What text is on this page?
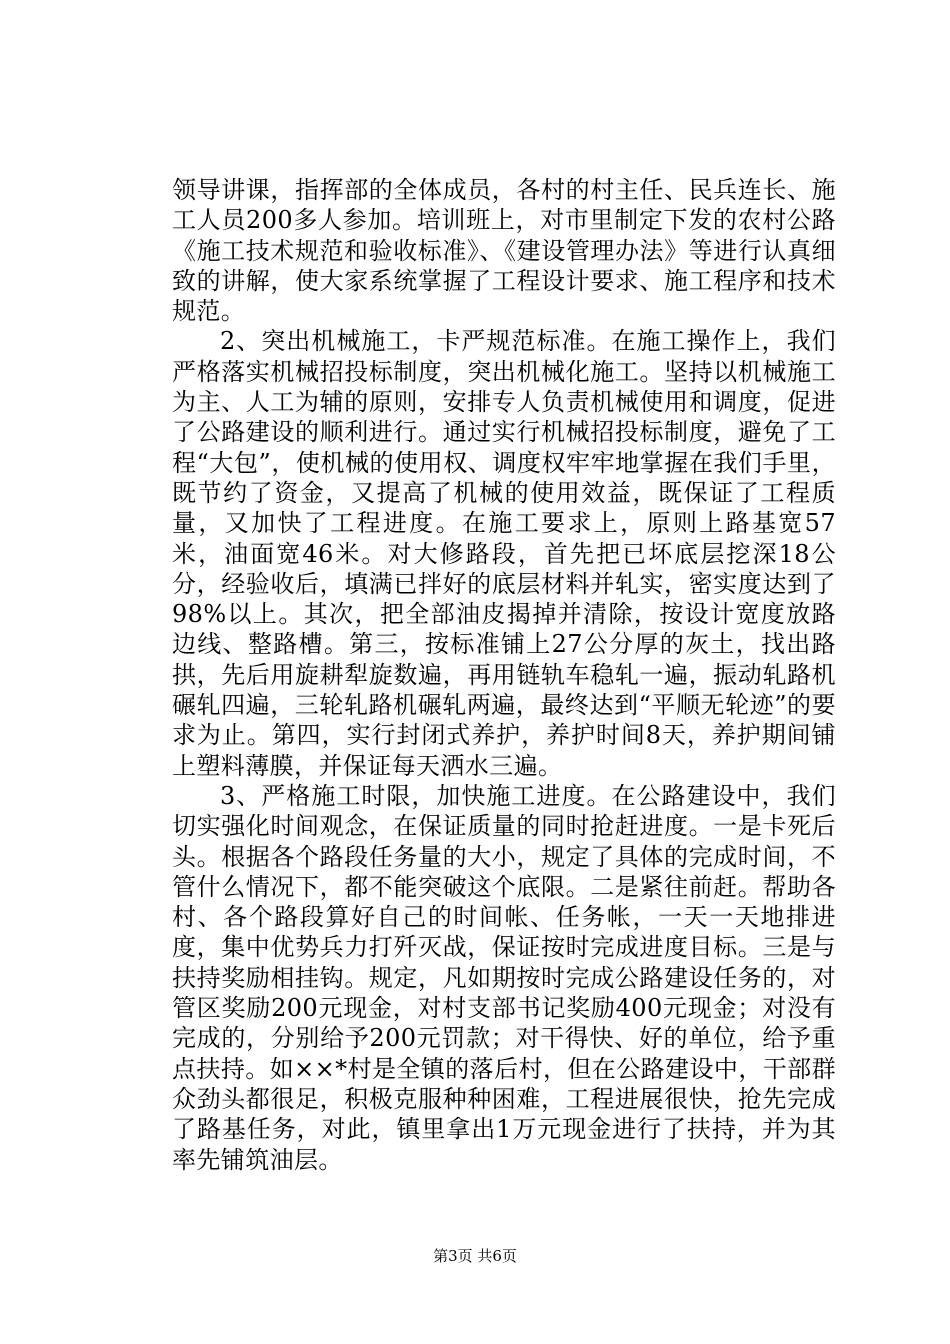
领导讲课，指挥部的全体成员，各村的村主任、民兵连长、施工人员200多人参加。培训班上，对市里制定下发的农村公路《施工技术规范和验收标准》、《建设管理办法》等进行认真细致的讲解，使大家系统掌握了工程设计要求、施工程序和技术规范。

2、突出机械施工，卡严规范标准。在施工操作上，我们严格落实机械招投标制度，突出机械化施工。坚持以机械施工为主、人工为辅的原则，安排专人负责机械使用和调度，促进了公路建设的顺利进行。通过实行机械招投标制度，避免了工程“大包”，使机械的使用权、调度权牢牢地掌握在我们手里，既节约了资金，又提高了机械的使用效益，既保证了工程质量，又加快了工程进度。在施工要求上，原则上路基宽57米，油面宽46米。对大修路段，首先把已坏底层挖深18公分，经验收后，填满已拌好的底层材料并轧实，密实度达到了98%以上。其次，把全部油皮揭掉并清除，按设计宽度放路边线、整路槽。第三，按标准铺上27公分厚的灰土，找出路拱，先后用旋耕犁旋数遍，再用链轨车稳轧一遍，振动轧路机碾轧四遍，三轮轧路机碾轧两遍，最终达到“平顺无轮迹”的要求为止。第四，实行封闭式养护，养护时间8天，养护期间铺上塑料薄膜，并保证每天洒水三遍。

3、严格施工时限，加快施工进度。在公路建设中，我们切实强化时间观念，在保证质量的同时抢赶进度。一是卡死后头。根据各个路段任务量的大小，规定了具体的完成时间，不管什么情况下，都不能突破这个底限。二是紧往前赶。帮助各村、各个路段算好自己的时间帐、任务帐，一天一天地排进度，集中优势兵力打歼灭战，保证按时完成进度目标。三是与扶持奖励相挂钩。规定，凡如期按时完成公路建设任务的，对管区奖励200元现金，对村支部书记奖励400元现金；对没有完成的，分别给予200元罚款；对干得快、好的单位，给予重点扶持。如××*村是全镇的落后村，但在公路建设中，干部群众劲头都很足，积极克服种种困难，工程进展很快，抢先完成了路基任务，对此，镇里拿出1万元现金进行了扶持，并为其率先铺筑油层。

第3页 共6页
